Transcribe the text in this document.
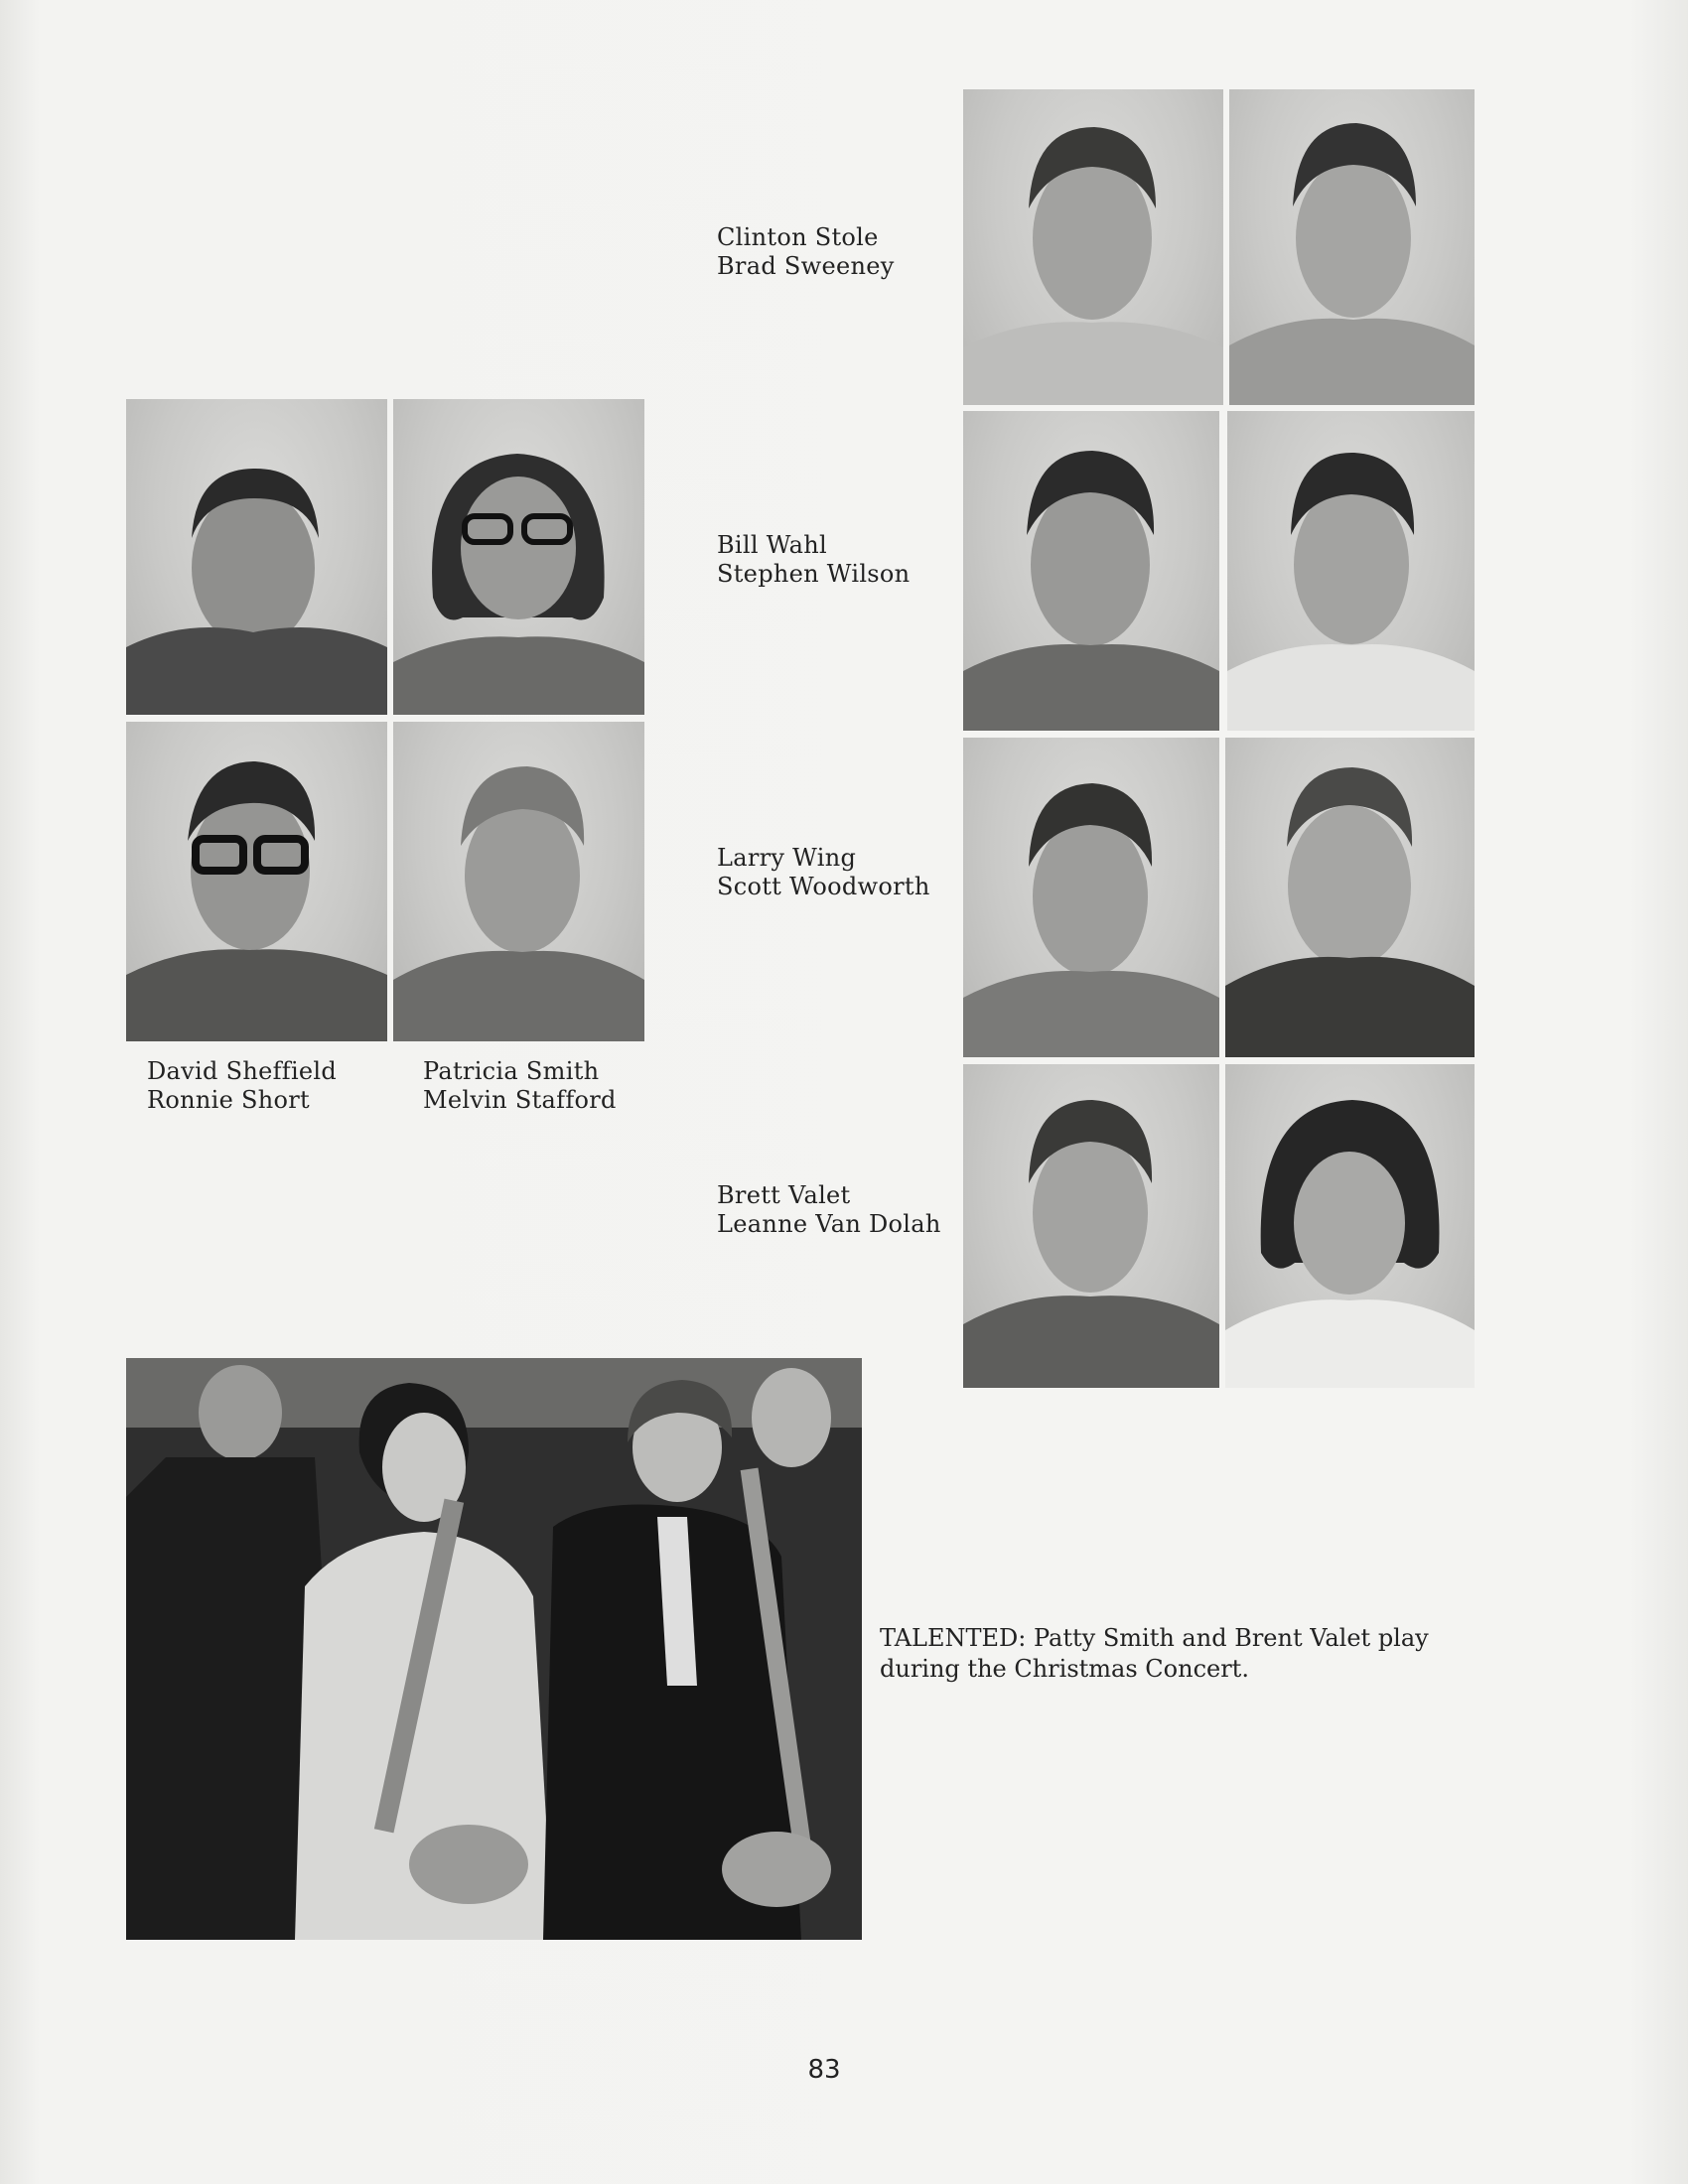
David Sheffield
Ronnie Short
Patricia Smith
Melvin Stafford
Clinton Stole
Brad Sweeney
Bill Wahl
Stephen Wilson
Larry Wing
Scott Woodworth
Brett Valet
Leanne Van Dolah
TALENTED: Patty Smith and Brent Valet play during the Christmas Concert.
83
